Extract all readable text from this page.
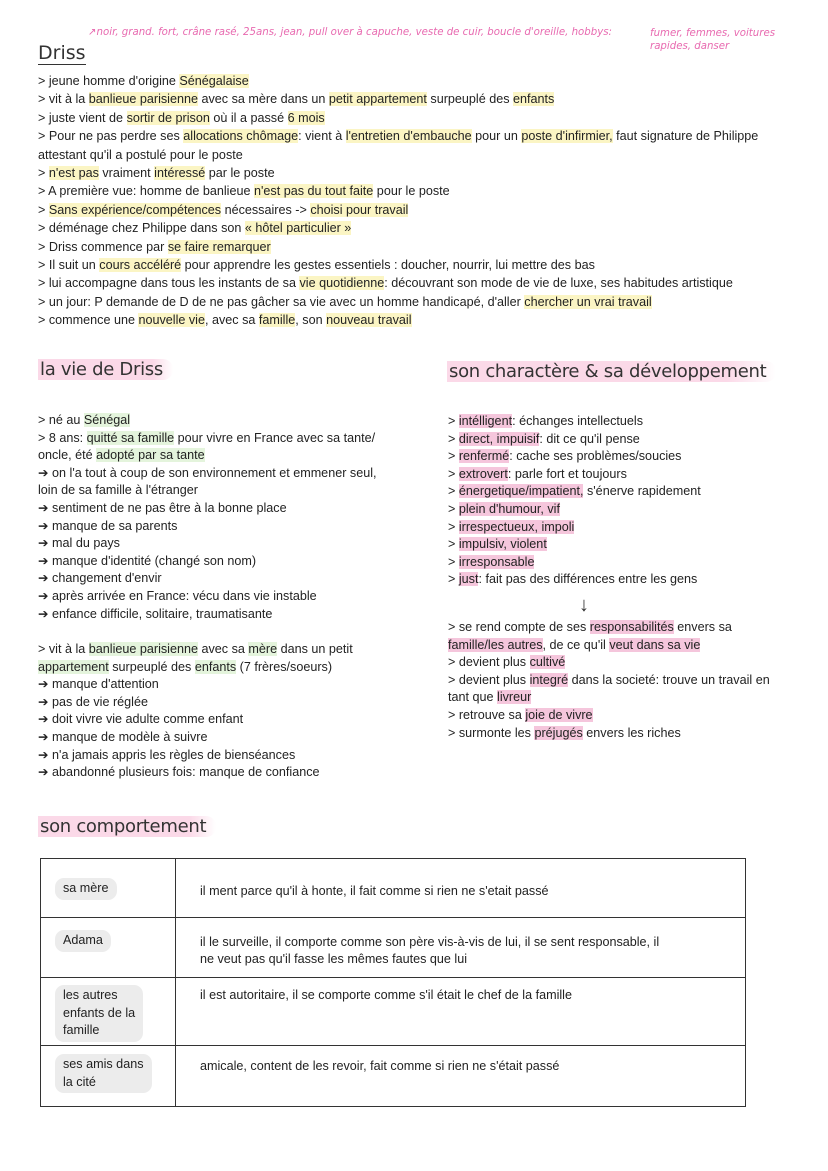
↗noir, grand. fort, crâne rasé, 25ans, jean, pull over à capuche, veste de cuir, boucle d'oreille, hobbys:	fumer, femmes, voitures
rapides, danser
Driss
> jeune homme d'origine Sénégalaise
> vit à la banlieue parisienne avec sa mère dans un petit appartement surpeuplé des enfants
> juste vient de sortir de prison où il a passé 6 mois
> Pour ne pas perdre ses allocations chômage: vient à l'entretien d'embauche pour un poste d'infirmier, faut signature de Philippe
attestant qu'il a postulé pour le poste
> n'est pas vraiment intéressé par le poste
> A première vue: homme de banlieue n'est pas du tout faite pour le poste
> Sans expérience/compétences nécessaires -> choisi pour travail
> déménage chez Philippe dans son « hôtel particulier »
> Driss commence par se faire remarquer
> Il suit un cours accéléré pour apprendre les gestes essentiels : doucher, nourrir, lui mettre des bas
> lui accompagne dans tous les instants de sa vie quotidienne: découvrant son mode de vie de luxe, ses habitudes artistique
> un jour: P demande de D de ne pas gâcher sa vie avec un homme handicapé, d'aller chercher un vrai travail
> commence une nouvelle vie, avec sa famille, son nouveau travail
la vie de Driss
> né au Sénégal
> 8 ans: quitté sa famille pour vivre en France avec sa tante/
oncle, été adopté par sa tante
➔ on l'a tout à coup de son environnement et emmener seul,
loin de sa famille à l'étranger
➔ sentiment de ne pas être à la bonne place
➔ manque de sa parents
➔ mal du pays
➔ manque d'identité (changé son nom)
➔ changement d'envir
➔ après arrivée en France: vécu dans vie instable
➔ enfance difficile, solitaire, traumatisante
> vit à la banlieue parisienne avec sa mère dans un petit
appartement surpeuplé des enfants (7 frères/soeurs)
➔ manque d'attention
➔ pas de vie réglée
➔ doit vivre vie adulte comme enfant
➔ manque de modèle à suivre
➔ n'a jamais appris les règles de bienséances
➔ abandonné plusieurs fois: manque de confiance
son charactère & sa développement
> intélligent: échanges intellectuels
> direct, impuisif: dit ce qu'il pense
> renfermé: cache ses problèmes/soucies
> extrovert: parle fort et toujours
> énergetique/impatient, s'énerve rapidement
> plein d'humour, vif
> irrespectueux, impoli
> impulsiv, violent
> irresponsable
> just: fait pas des différences entre les gens
↓
> se rend compte de ses responsabilités envers sa
famille/les autres, de ce qu'il veut dans sa vie
> devient plus cultivé
> devient plus integré dans la societé: trouve un travail en
tant que livreur
> retrouve sa joie de vivre
> surmonte les préjugés envers les riches
son comportement
sa mère	il ment parce qu'il à honte, il fait comme si rien ne s'etait passé

Adama	il le surveille, il comporte comme son père vis-à-vis de lui, il se sent responsable, il
ne veut pas qu'il fasse les mêmes fautes que lui

les autres
enfants de la
famille	il est autoritaire, il se comporte comme s'il était le chef de la famille

ses amis dans
la cité	amicale, content de les revoir, fait comme si rien ne s'était passé
